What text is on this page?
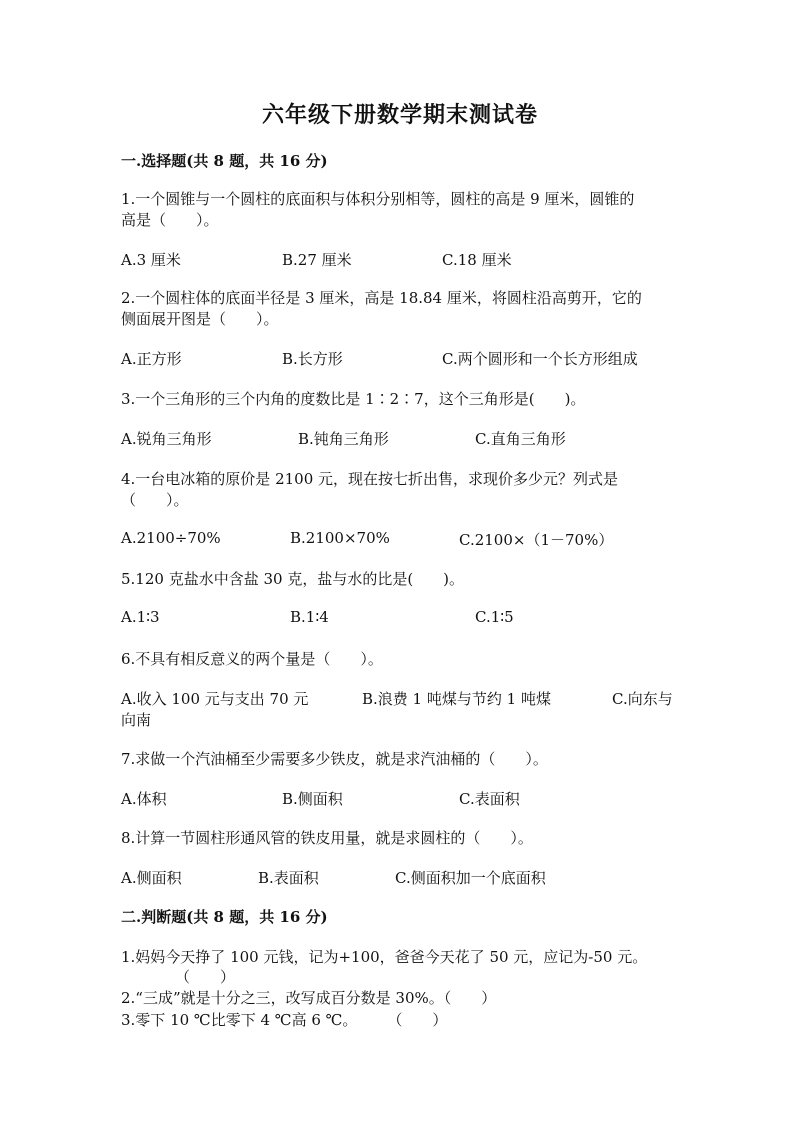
六年级下册数学期末测试卷
一.选择题(共 8 题，共 16 分)
1.一个圆锥与一个圆柱的底面积与体积分别相等，圆柱的高是 9 厘米，圆锥的
高是（　　）。
A.3 厘米	B.27 厘米	C.18 厘米
2.一个圆柱体的底面半径是 3 厘米，高是 18.84 厘米，将圆柱沿高剪开，它的
侧面展开图是（　　）。
A.正方形	B.长方形	C.两个圆形和一个长方形组成
3.一个三角形的三个内角的度数比是 1∶2∶7，这个三角形是(　　)。
A.锐角三角形	B.钝角三角形	C.直角三角形
4.一台电冰箱的原价是 2100 元，现在按七折出售，求现价多少元？列式是
（　　）。
A.2100÷70%	B.2100×70%	C.2100×（1－70%）
5.120 克盐水中含盐 30 克，盐与水的比是(　　)。
A.1∶3	B.1∶4	C.1∶5
6.不具有相反意义的两个量是（　　）。
A.收入 100 元与支出 70 元	B.浪费 1 吨煤与节约 1 吨煤	C.向东与
向南
7.求做一个汽油桶至少需要多少铁皮，就是求汽油桶的（　　）。
A.体积	B.侧面积	C.表面积
8.计算一节圆柱形通风管的铁皮用量，就是求圆柱的（　　）。
A.侧面积	B.表面积	C.侧面积加一个底面积
二.判断题(共 8 题，共 16 分)
1.妈妈今天挣了 100 元钱，记为+100，爸爸今天花了 50 元，应记为-50 元。
（　　）
2.“三成”就是十分之三，改写成百分数是 30%。（　　）
3.零下 10 ℃比零下 4 ℃高 6 ℃。　　　（　　）
